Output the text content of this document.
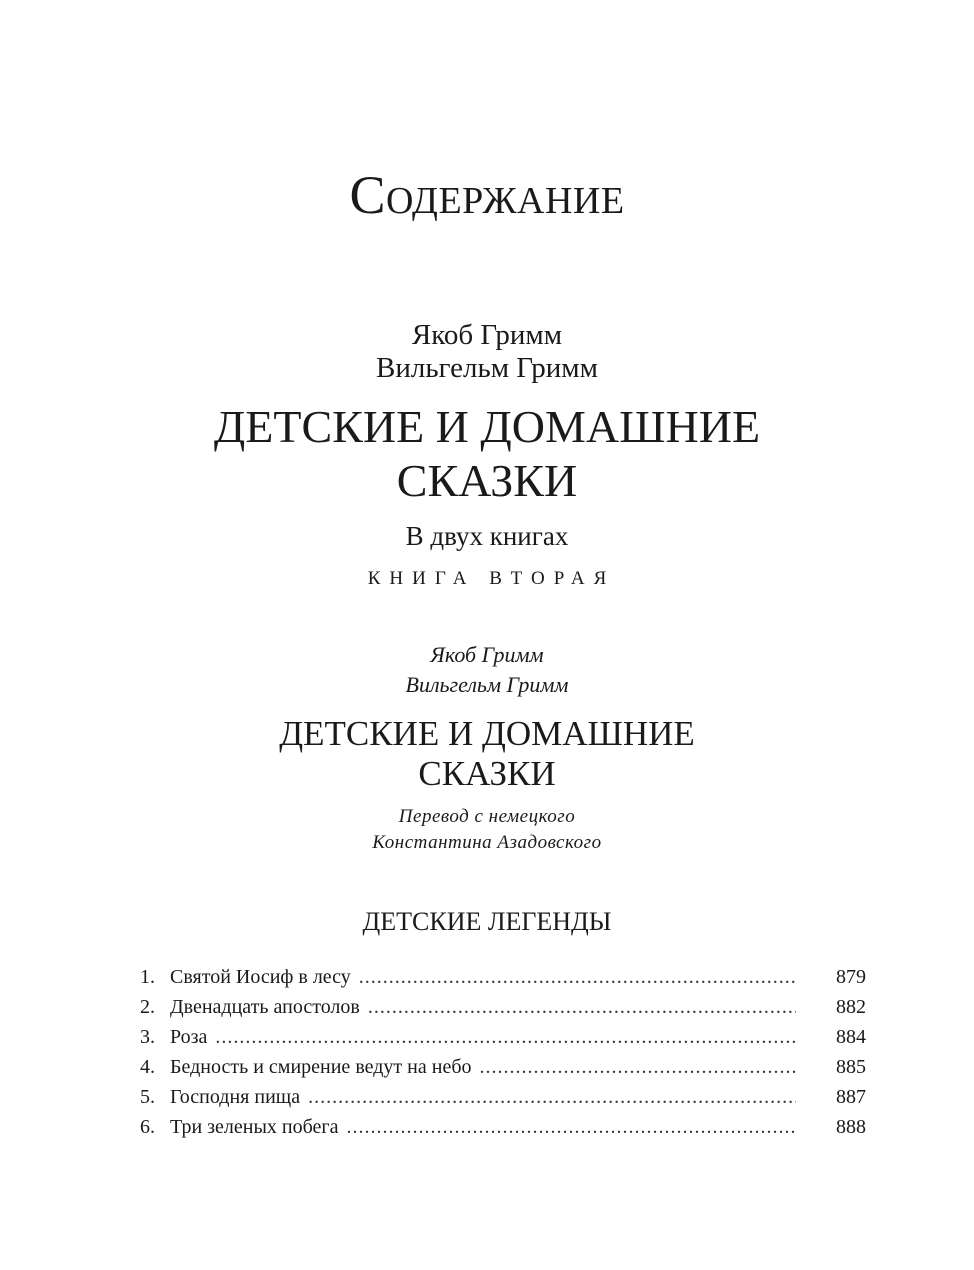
Содержание
Якоб Гримм
Вильгельм Гримм
ДЕТСКИЕ И ДОМАШНИЕ
СКАЗКИ
В двух книгах
КНИГА ВТОРАЯ
Якоб Гримм
Вильгельм Гримм
ДЕТСКИЕ И ДОМАШНИЕ
СКАЗКИ
Перевод с немецкого
Константина Азадовского
ДЕТСКИЕ ЛЕГЕНДЫ
1. Святой Иосиф в лесу .....	879
2. Двенадцать апостолов .....	882
3. Роза .....	884
4. Бедность и смирение ведут на небо .....	885
5. Господня пища .....	887
6. Три зеленых побега .....	888
